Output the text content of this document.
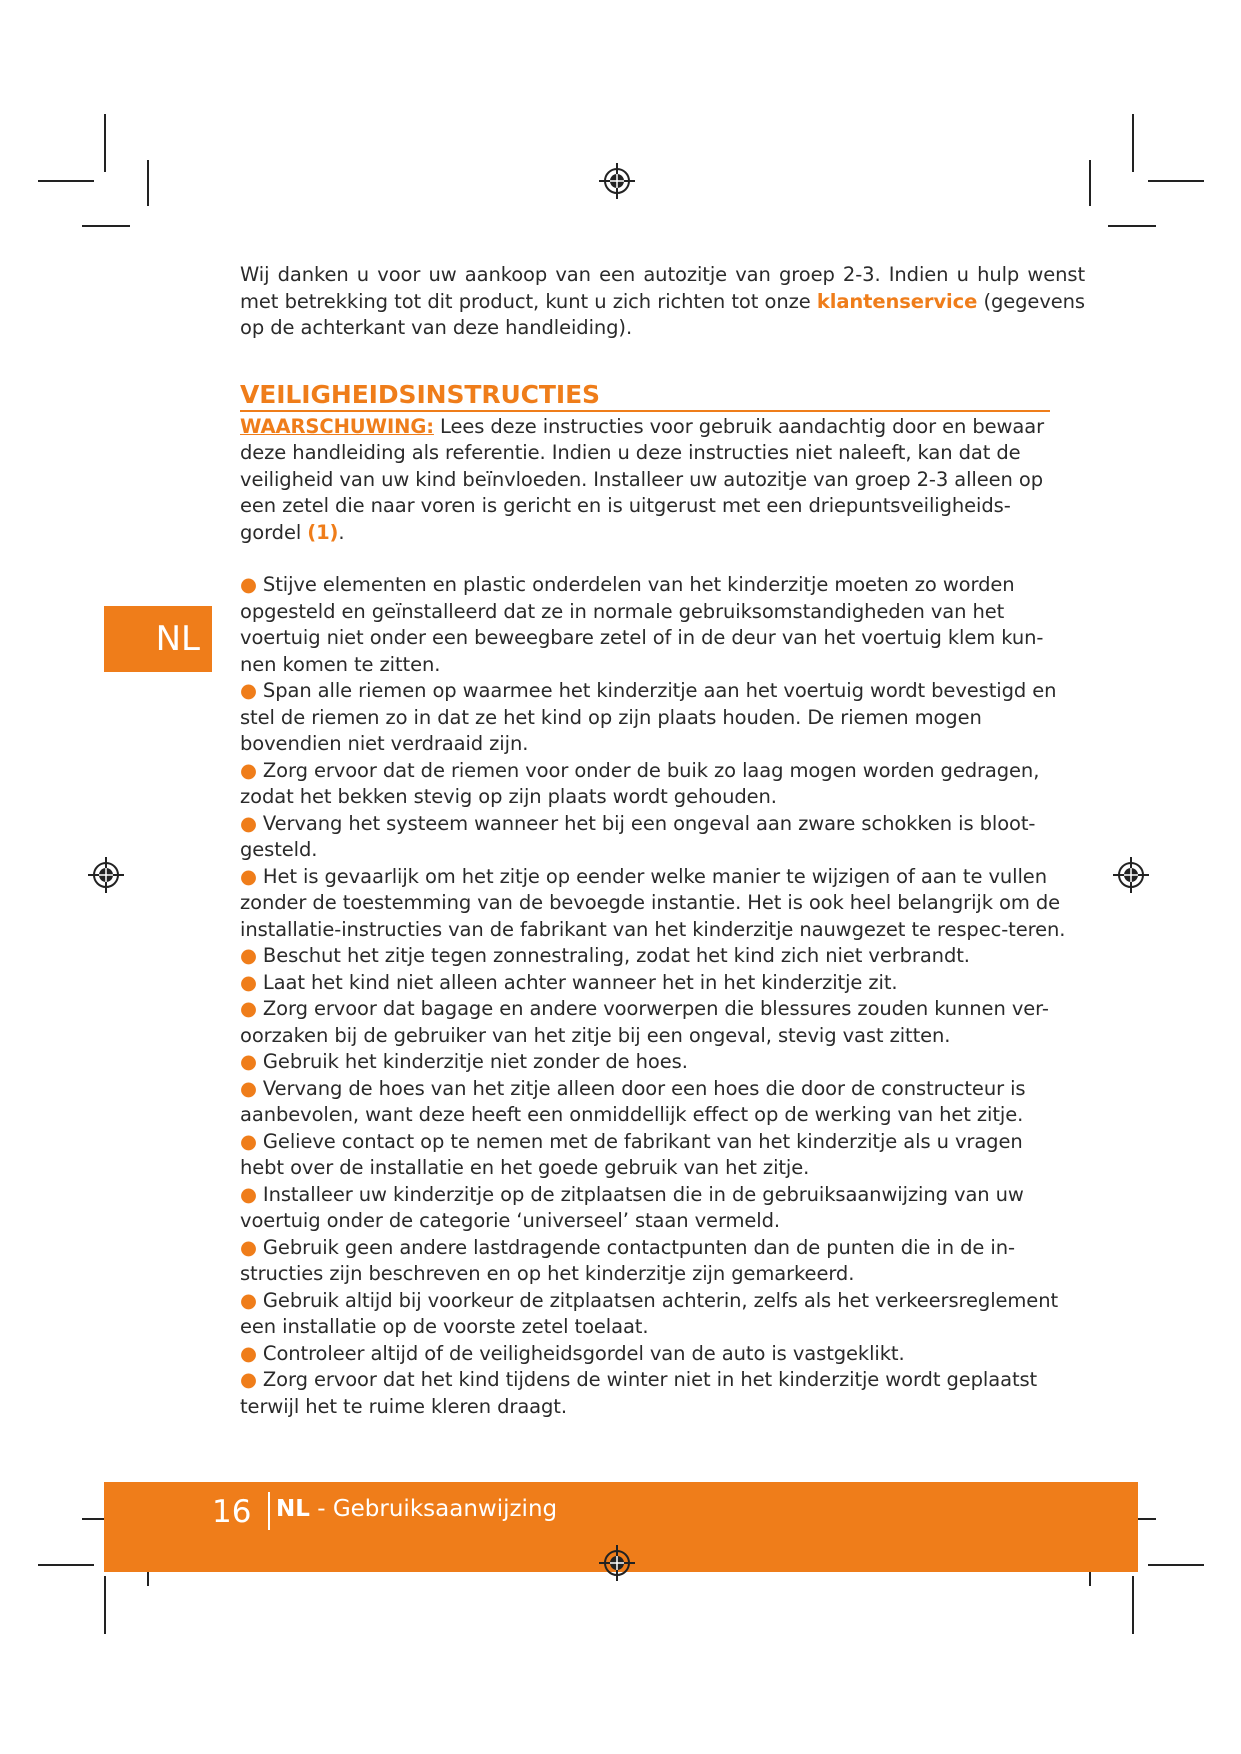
NL

Wij danken u voor uw aankoop van een autozitje van groep 2-3. Indien u hulp wenst met betrekking tot dit product, kunt u zich richten tot onze klantenservice (gegevens op de achterkant van deze handleiding).

VEILIGHEIDSINSTRUCTIES

WAARSCHUWING: Lees deze instructies voor gebruik aandachtig door en bewaar deze handleiding als referentie. Indien u deze instructies niet naleeft, kan dat de veiligheid van uw kind beïnvloeden. Installeer uw autozitje van groep 2-3 alleen op een zetel die naar voren is gericht en is uitgerust met een driepuntsveiligheids-gordel (1).

● Stijve elementen en plastic onderdelen van het kinderzitje moeten zo worden opgesteld en geïnstalleerd dat ze in normale gebruiksomstandigheden van het voertuig niet onder een beweegbare zetel of in de deur van het voertuig klem kun-nen komen te zitten.
● Span alle riemen op waarmee het kinderzitje aan het voertuig wordt bevestigd en stel de riemen zo in dat ze het kind op zijn plaats houden. De riemen mogen bovendien niet verdraaid zijn.
● Zorg ervoor dat de riemen voor onder de buik zo laag mogen worden gedragen, zodat het bekken stevig op zijn plaats wordt gehouden.
● Vervang het systeem wanneer het bij een ongeval aan zware schokken is bloot-gesteld.
● Het is gevaarlijk om het zitje op eender welke manier te wijzigen of aan te vullen zonder de toestemming van de bevoegde instantie. Het is ook heel belangrijk om de installatie-instructies van de fabrikant van het kinderzitje nauwgezet te respec-teren.
● Beschut het zitje tegen zonnestraling, zodat het kind zich niet verbrandt.
● Laat het kind niet alleen achter wanneer het in het kinderzitje zit.
● Zorg ervoor dat bagage en andere voorwerpen die blessures zouden kunnen ver-oorzaken bij de gebruiker van het zitje bij een ongeval, stevig vast zitten.
● Gebruik het kinderzitje niet zonder de hoes.
● Vervang de hoes van het zitje alleen door een hoes die door de constructeur is aanbevolen, want deze heeft een onmiddellijk effect op de werking van het zitje.
● Gelieve contact op te nemen met de fabrikant van het kinderzitje als u vragen hebt over de installatie en het goede gebruik van het zitje.
● Installeer uw kinderzitje op de zitplaatsen die in de gebruiksaanwijzing van uw voertuig onder de categorie ‘universeel’ staan vermeld.
● Gebruik geen andere lastdragende contactpunten dan de punten die in de in-structies zijn beschreven en op het kinderzitje zijn gemarkeerd.
● Gebruik altijd bij voorkeur de zitplaatsen achterin, zelfs als het verkeersreglement een installatie op de voorste zetel toelaat.
● Controleer altijd of de veiligheidsgordel van de auto is vastgeklikt.
● Zorg ervoor dat het kind tijdens de winter niet in het kinderzitje wordt geplaatst terwijl het te ruime kleren draagt.
16 NL - Gebruiksaanwijzing
